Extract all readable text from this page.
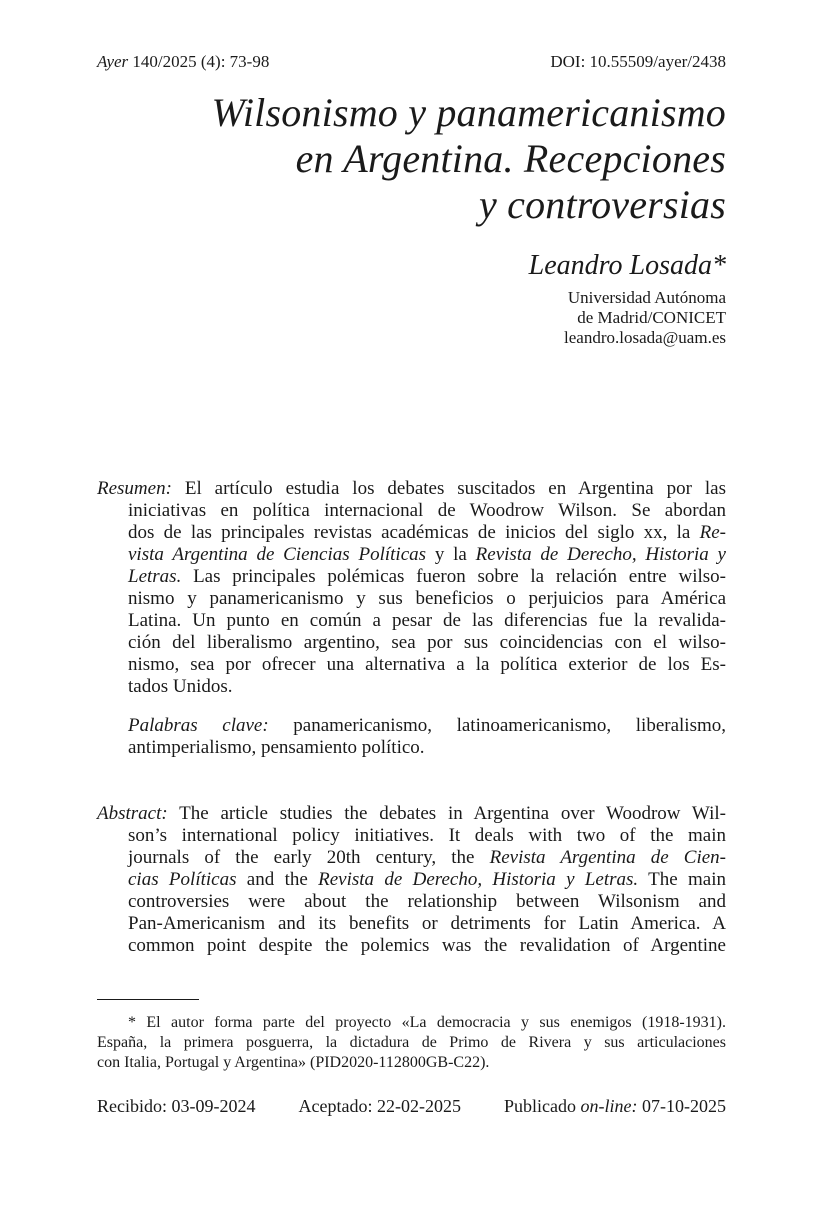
Ayer 140/2025 (4): 73-98	DOI: 10.55509/ayer/2438
Wilsonismo y panamericanismo
en Argentina. Recepciones
y controversias
Leandro Losada*
Universidad Autónoma
de Madrid/CONICET
leandro.losada@uam.es
Resumen: El artículo estudia los debates suscitados en Argentina por las
iniciativas en política internacional de Woodrow Wilson. Se abordan
dos de las principales revistas académicas de inicios del siglo xx, la Re-
vista Argentina de Ciencias Políticas y la Revista de Derecho, Historia y
Letras. Las principales polémicas fueron sobre la relación entre wilso-
nismo y panamericanismo y sus beneficios o perjuicios para América
Latina. Un punto en común a pesar de las diferencias fue la revalida-
ción del liberalismo argentino, sea por sus coincidencias con el wilso-
nismo, sea por ofrecer una alternativa a la política exterior de los Es-
tados Unidos.
Palabras clave: panamericanismo, latinoamericanismo, liberalismo,
antimperialismo, pensamiento político.
Abstract: The article studies the debates in Argentina over Woodrow Wil-
son’s international policy initiatives. It deals with two of the main
journals of the early 20th century, the Revista Argentina de Cien-
cias Políticas and the Revista de Derecho, Historia y Letras. The main
controversies were about the relationship between Wilsonism and
Pan-Americanism and its benefits or detriments for Latin America. A
common point despite the polemics was the revalidation of Argentine
* El autor forma parte del proyecto «La democracia y sus enemigos (1918-1931).
España, la primera posguerra, la dictadura de Primo de Rivera y sus articulaciones
con Italia, Portugal y Argentina» (PID2020-112800GB-C22).
Recibido: 03-09-2024 Aceptado: 22-02-2025 Publicado on-line: 07-10-2025
